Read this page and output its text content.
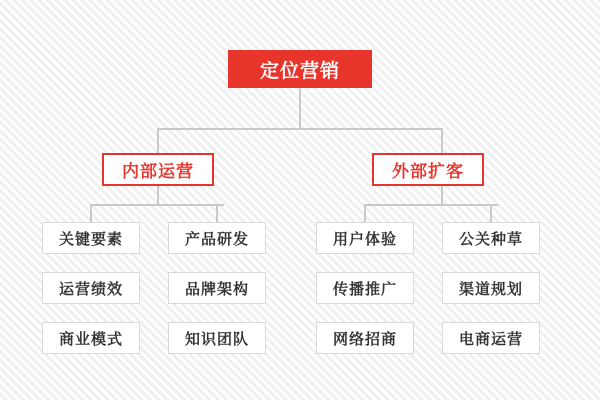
定位营销
内部运营	外部扩客
关键要素	产品研发
运营绩效	品牌架构
商业模式	知识团队
用户体验	公关种草
传播推广	渠道规划
网络招商	电商运营
